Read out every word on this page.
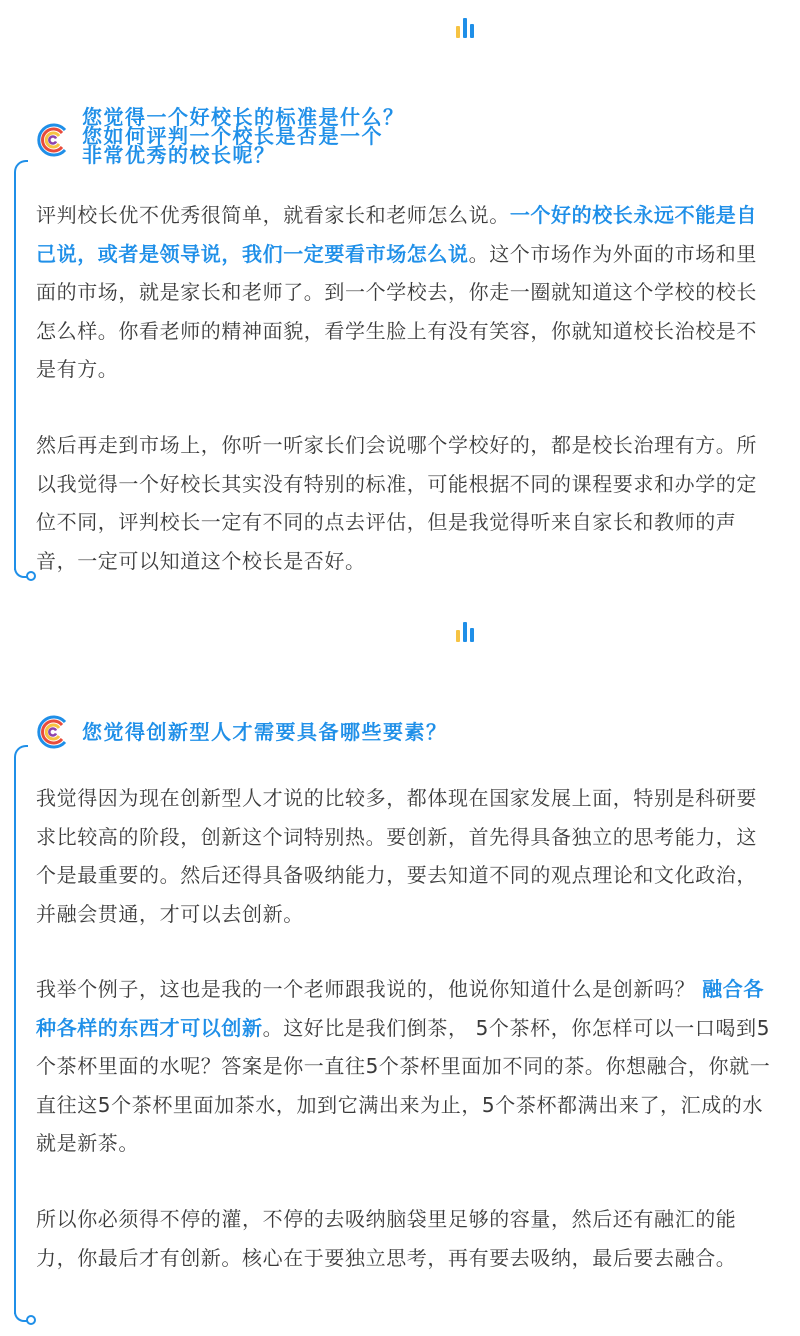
您觉得一个好校长的标准是什么？
您如何评判一个校长是否是一个
非常优秀的校长呢？

评判校长优不优秀很简单，就看家长和老师怎么说。一个好的校长永远不能是自己说，或者是领导说，我们一定要看市场怎么说。这个市场作为外面的市场和里面的市场，就是家长和老师了。到一个学校去，你走一圈就知道这个学校的校长怎么样。你看老师的精神面貌，看学生脸上有没有笑容，你就知道校长治校是不是有方。

然后再走到市场上，你听一听家长们会说哪个学校好的，都是校长治理有方。所以我觉得一个好校长其实没有特别的标准，可能根据不同的课程要求和办学的定位不同，评判校长一定有不同的点去评估，但是我觉得听来自家长和教师的声音，一定可以知道这个校长是否好。

您觉得创新型人才需要具备哪些要素？

我觉得因为现在创新型人才说的比较多，都体现在国家发展上面，特别是科研要求比较高的阶段，创新这个词特别热。要创新，首先得具备独立的思考能力，这个是最重要的。然后还得具备吸纳能力，要去知道不同的观点理论和文化政治，并融会贯通，才可以去创新。

我举个例子，这也是我的一个老师跟我说的，他说你知道什么是创新吗？ 融合各种各样的东西才可以创新。这好比是我们倒茶， 5个茶杯，你怎样可以一口喝到5个茶杯里面的水呢？答案是你一直往5个茶杯里面加不同的茶。你想融合，你就一直往这5个茶杯里面加茶水，加到它满出来为止，5个茶杯都满出来了，汇成的水就是新茶。

所以你必须得不停的灌，不停的去吸纳脑袋里足够的容量，然后还有融汇的能力，你最后才有创新。核心在于要独立思考，再有要去吸纳，最后要去融合。
